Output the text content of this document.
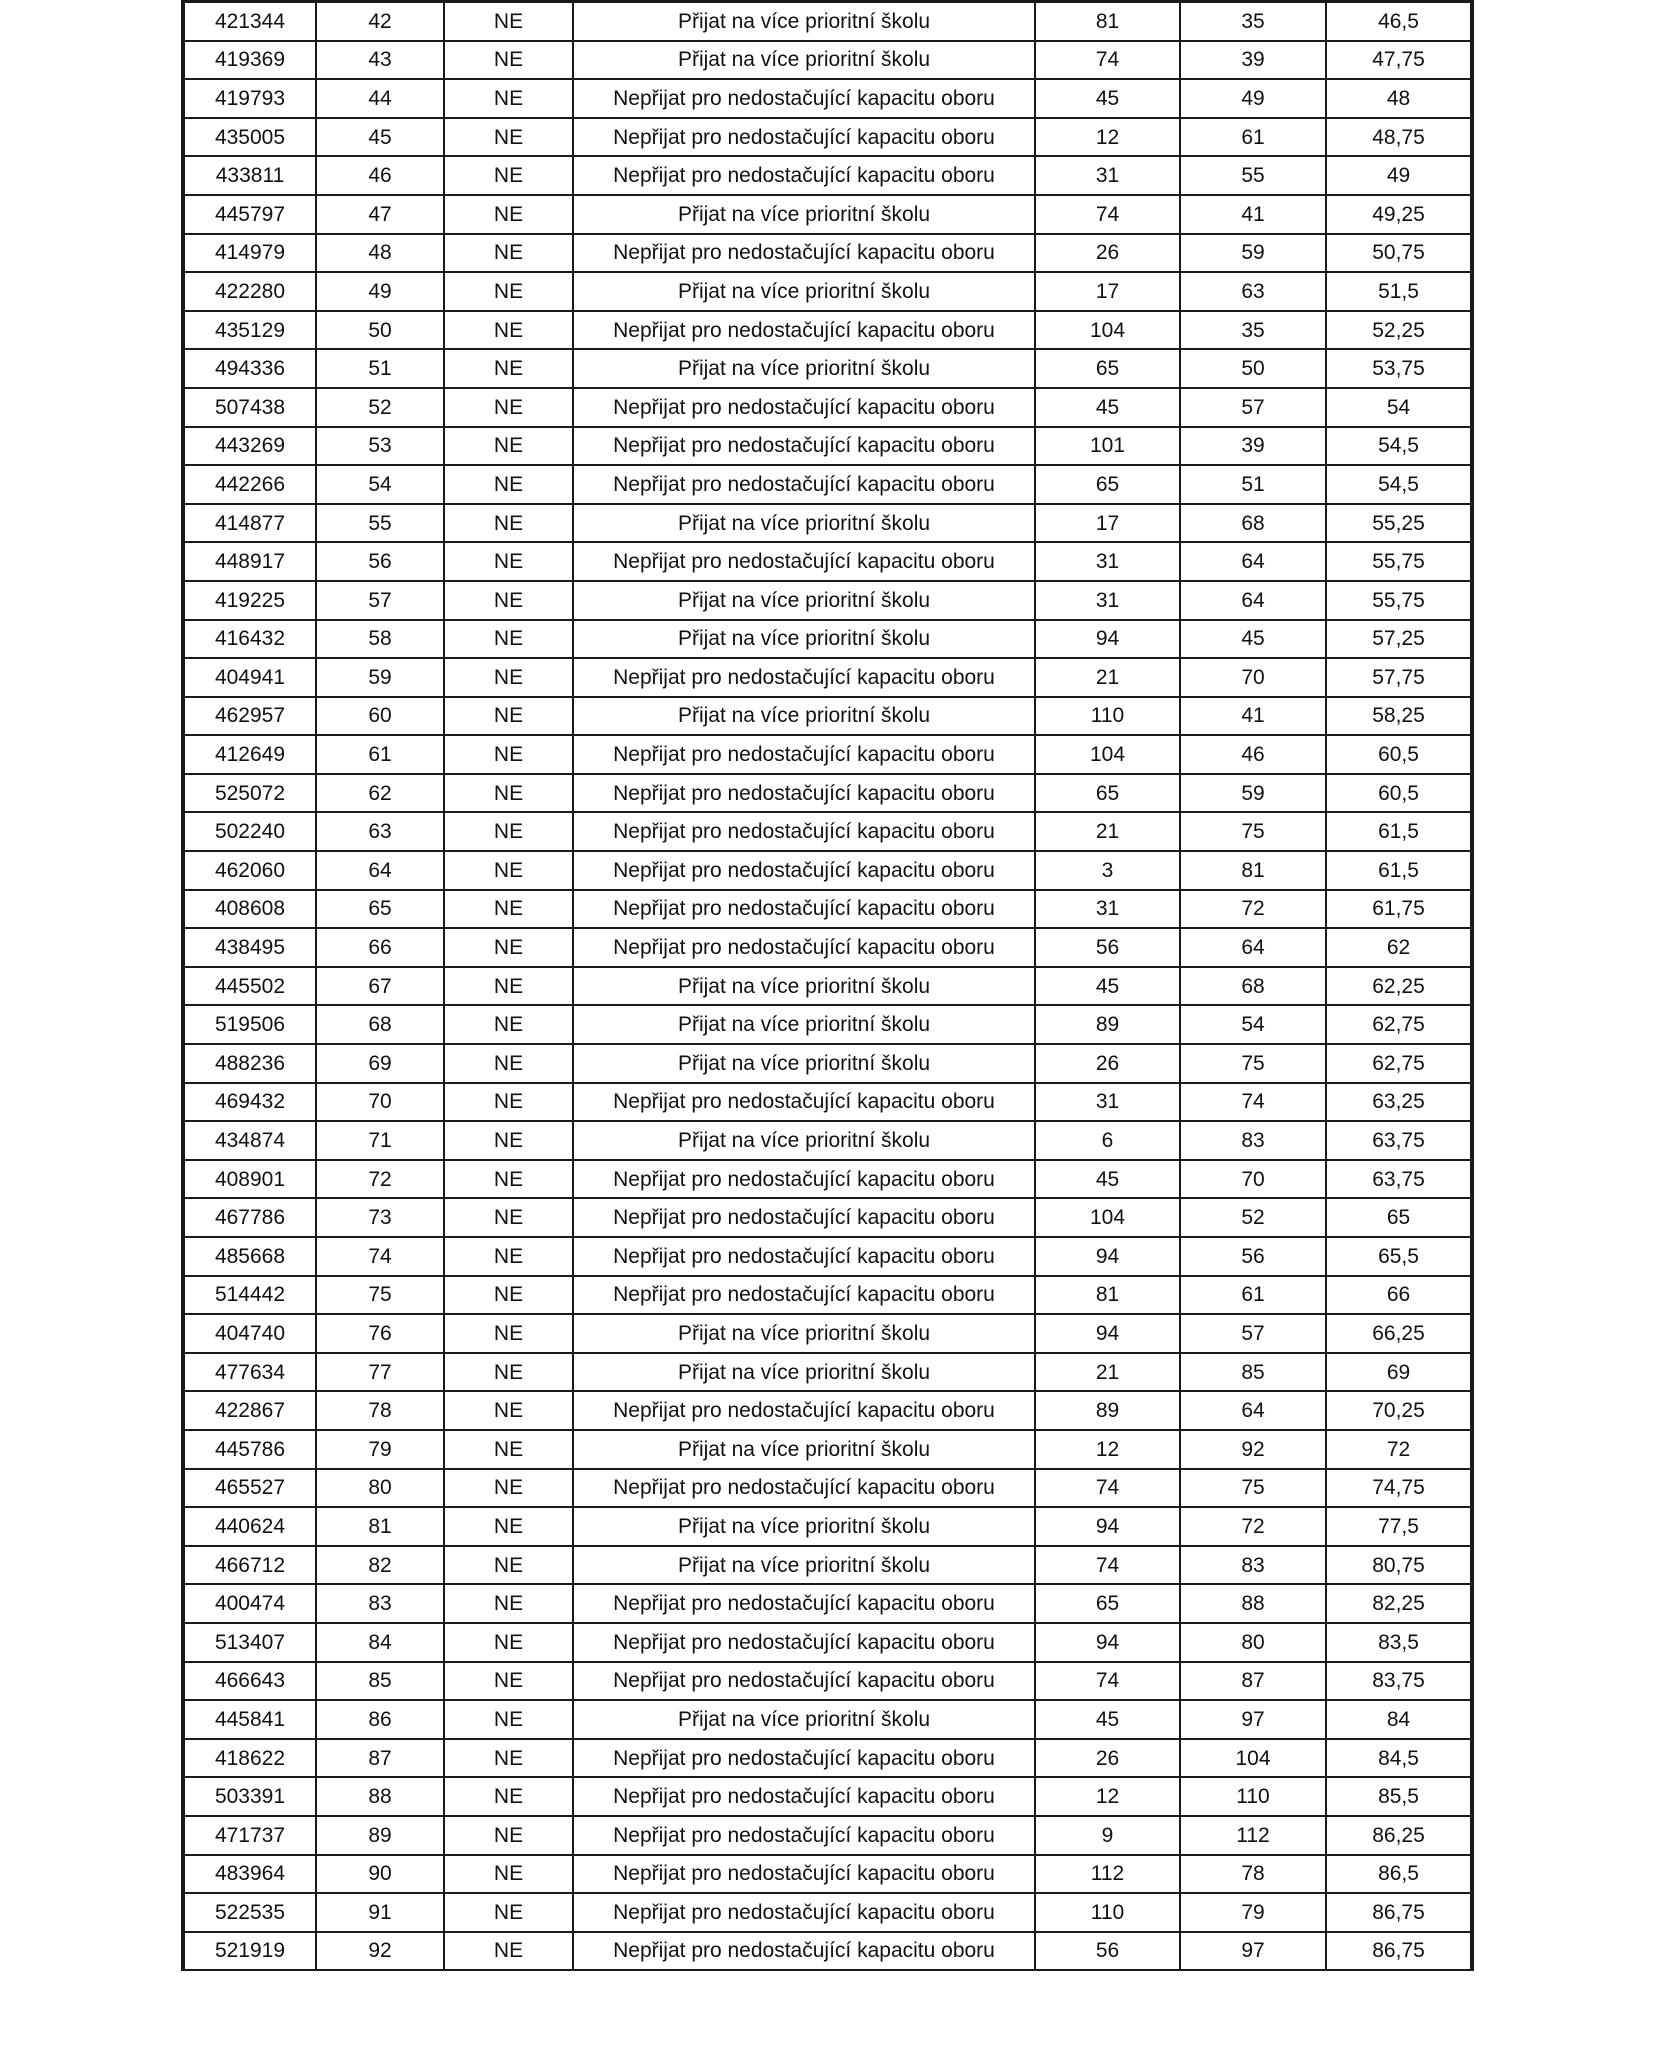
421344	42	NE	Přijat na více prioritní školu	81	35	46,5
419369	43	NE	Přijat na více prioritní školu	74	39	47,75
419793	44	NE	Nepřijat pro nedostačující kapacitu oboru	45	49	48
435005	45	NE	Nepřijat pro nedostačující kapacitu oboru	12	61	48,75
433811	46	NE	Nepřijat pro nedostačující kapacitu oboru	31	55	49
445797	47	NE	Přijat na více prioritní školu	74	41	49,25
414979	48	NE	Nepřijat pro nedostačující kapacitu oboru	26	59	50,75
422280	49	NE	Přijat na více prioritní školu	17	63	51,5
435129	50	NE	Nepřijat pro nedostačující kapacitu oboru	104	35	52,25
494336	51	NE	Přijat na více prioritní školu	65	50	53,75
507438	52	NE	Nepřijat pro nedostačující kapacitu oboru	45	57	54
443269	53	NE	Nepřijat pro nedostačující kapacitu oboru	101	39	54,5
442266	54	NE	Nepřijat pro nedostačující kapacitu oboru	65	51	54,5
414877	55	NE	Přijat na více prioritní školu	17	68	55,25
448917	56	NE	Nepřijat pro nedostačující kapacitu oboru	31	64	55,75
419225	57	NE	Přijat na více prioritní školu	31	64	55,75
416432	58	NE	Přijat na více prioritní školu	94	45	57,25
404941	59	NE	Nepřijat pro nedostačující kapacitu oboru	21	70	57,75
462957	60	NE	Přijat na více prioritní školu	110	41	58,25
412649	61	NE	Nepřijat pro nedostačující kapacitu oboru	104	46	60,5
525072	62	NE	Nepřijat pro nedostačující kapacitu oboru	65	59	60,5
502240	63	NE	Nepřijat pro nedostačující kapacitu oboru	21	75	61,5
462060	64	NE	Nepřijat pro nedostačující kapacitu oboru	3	81	61,5
408608	65	NE	Nepřijat pro nedostačující kapacitu oboru	31	72	61,75
438495	66	NE	Nepřijat pro nedostačující kapacitu oboru	56	64	62
445502	67	NE	Přijat na více prioritní školu	45	68	62,25
519506	68	NE	Přijat na více prioritní školu	89	54	62,75
488236	69	NE	Přijat na více prioritní školu	26	75	62,75
469432	70	NE	Nepřijat pro nedostačující kapacitu oboru	31	74	63,25
434874	71	NE	Přijat na více prioritní školu	6	83	63,75
408901	72	NE	Nepřijat pro nedostačující kapacitu oboru	45	70	63,75
467786	73	NE	Nepřijat pro nedostačující kapacitu oboru	104	52	65
485668	74	NE	Nepřijat pro nedostačující kapacitu oboru	94	56	65,5
514442	75	NE	Nepřijat pro nedostačující kapacitu oboru	81	61	66
404740	76	NE	Přijat na více prioritní školu	94	57	66,25
477634	77	NE	Přijat na více prioritní školu	21	85	69
422867	78	NE	Nepřijat pro nedostačující kapacitu oboru	89	64	70,25
445786	79	NE	Přijat na více prioritní školu	12	92	72
465527	80	NE	Nepřijat pro nedostačující kapacitu oboru	74	75	74,75
440624	81	NE	Přijat na více prioritní školu	94	72	77,5
466712	82	NE	Přijat na více prioritní školu	74	83	80,75
400474	83	NE	Nepřijat pro nedostačující kapacitu oboru	65	88	82,25
513407	84	NE	Nepřijat pro nedostačující kapacitu oboru	94	80	83,5
466643	85	NE	Nepřijat pro nedostačující kapacitu oboru	74	87	83,75
445841	86	NE	Přijat na více prioritní školu	45	97	84
418622	87	NE	Nepřijat pro nedostačující kapacitu oboru	26	104	84,5
503391	88	NE	Nepřijat pro nedostačující kapacitu oboru	12	110	85,5
471737	89	NE	Nepřijat pro nedostačující kapacitu oboru	9	112	86,25
483964	90	NE	Nepřijat pro nedostačující kapacitu oboru	112	78	86,5
522535	91	NE	Nepřijat pro nedostačující kapacitu oboru	110	79	86,75
521919	92	NE	Nepřijat pro nedostačující kapacitu oboru	56	97	86,75
